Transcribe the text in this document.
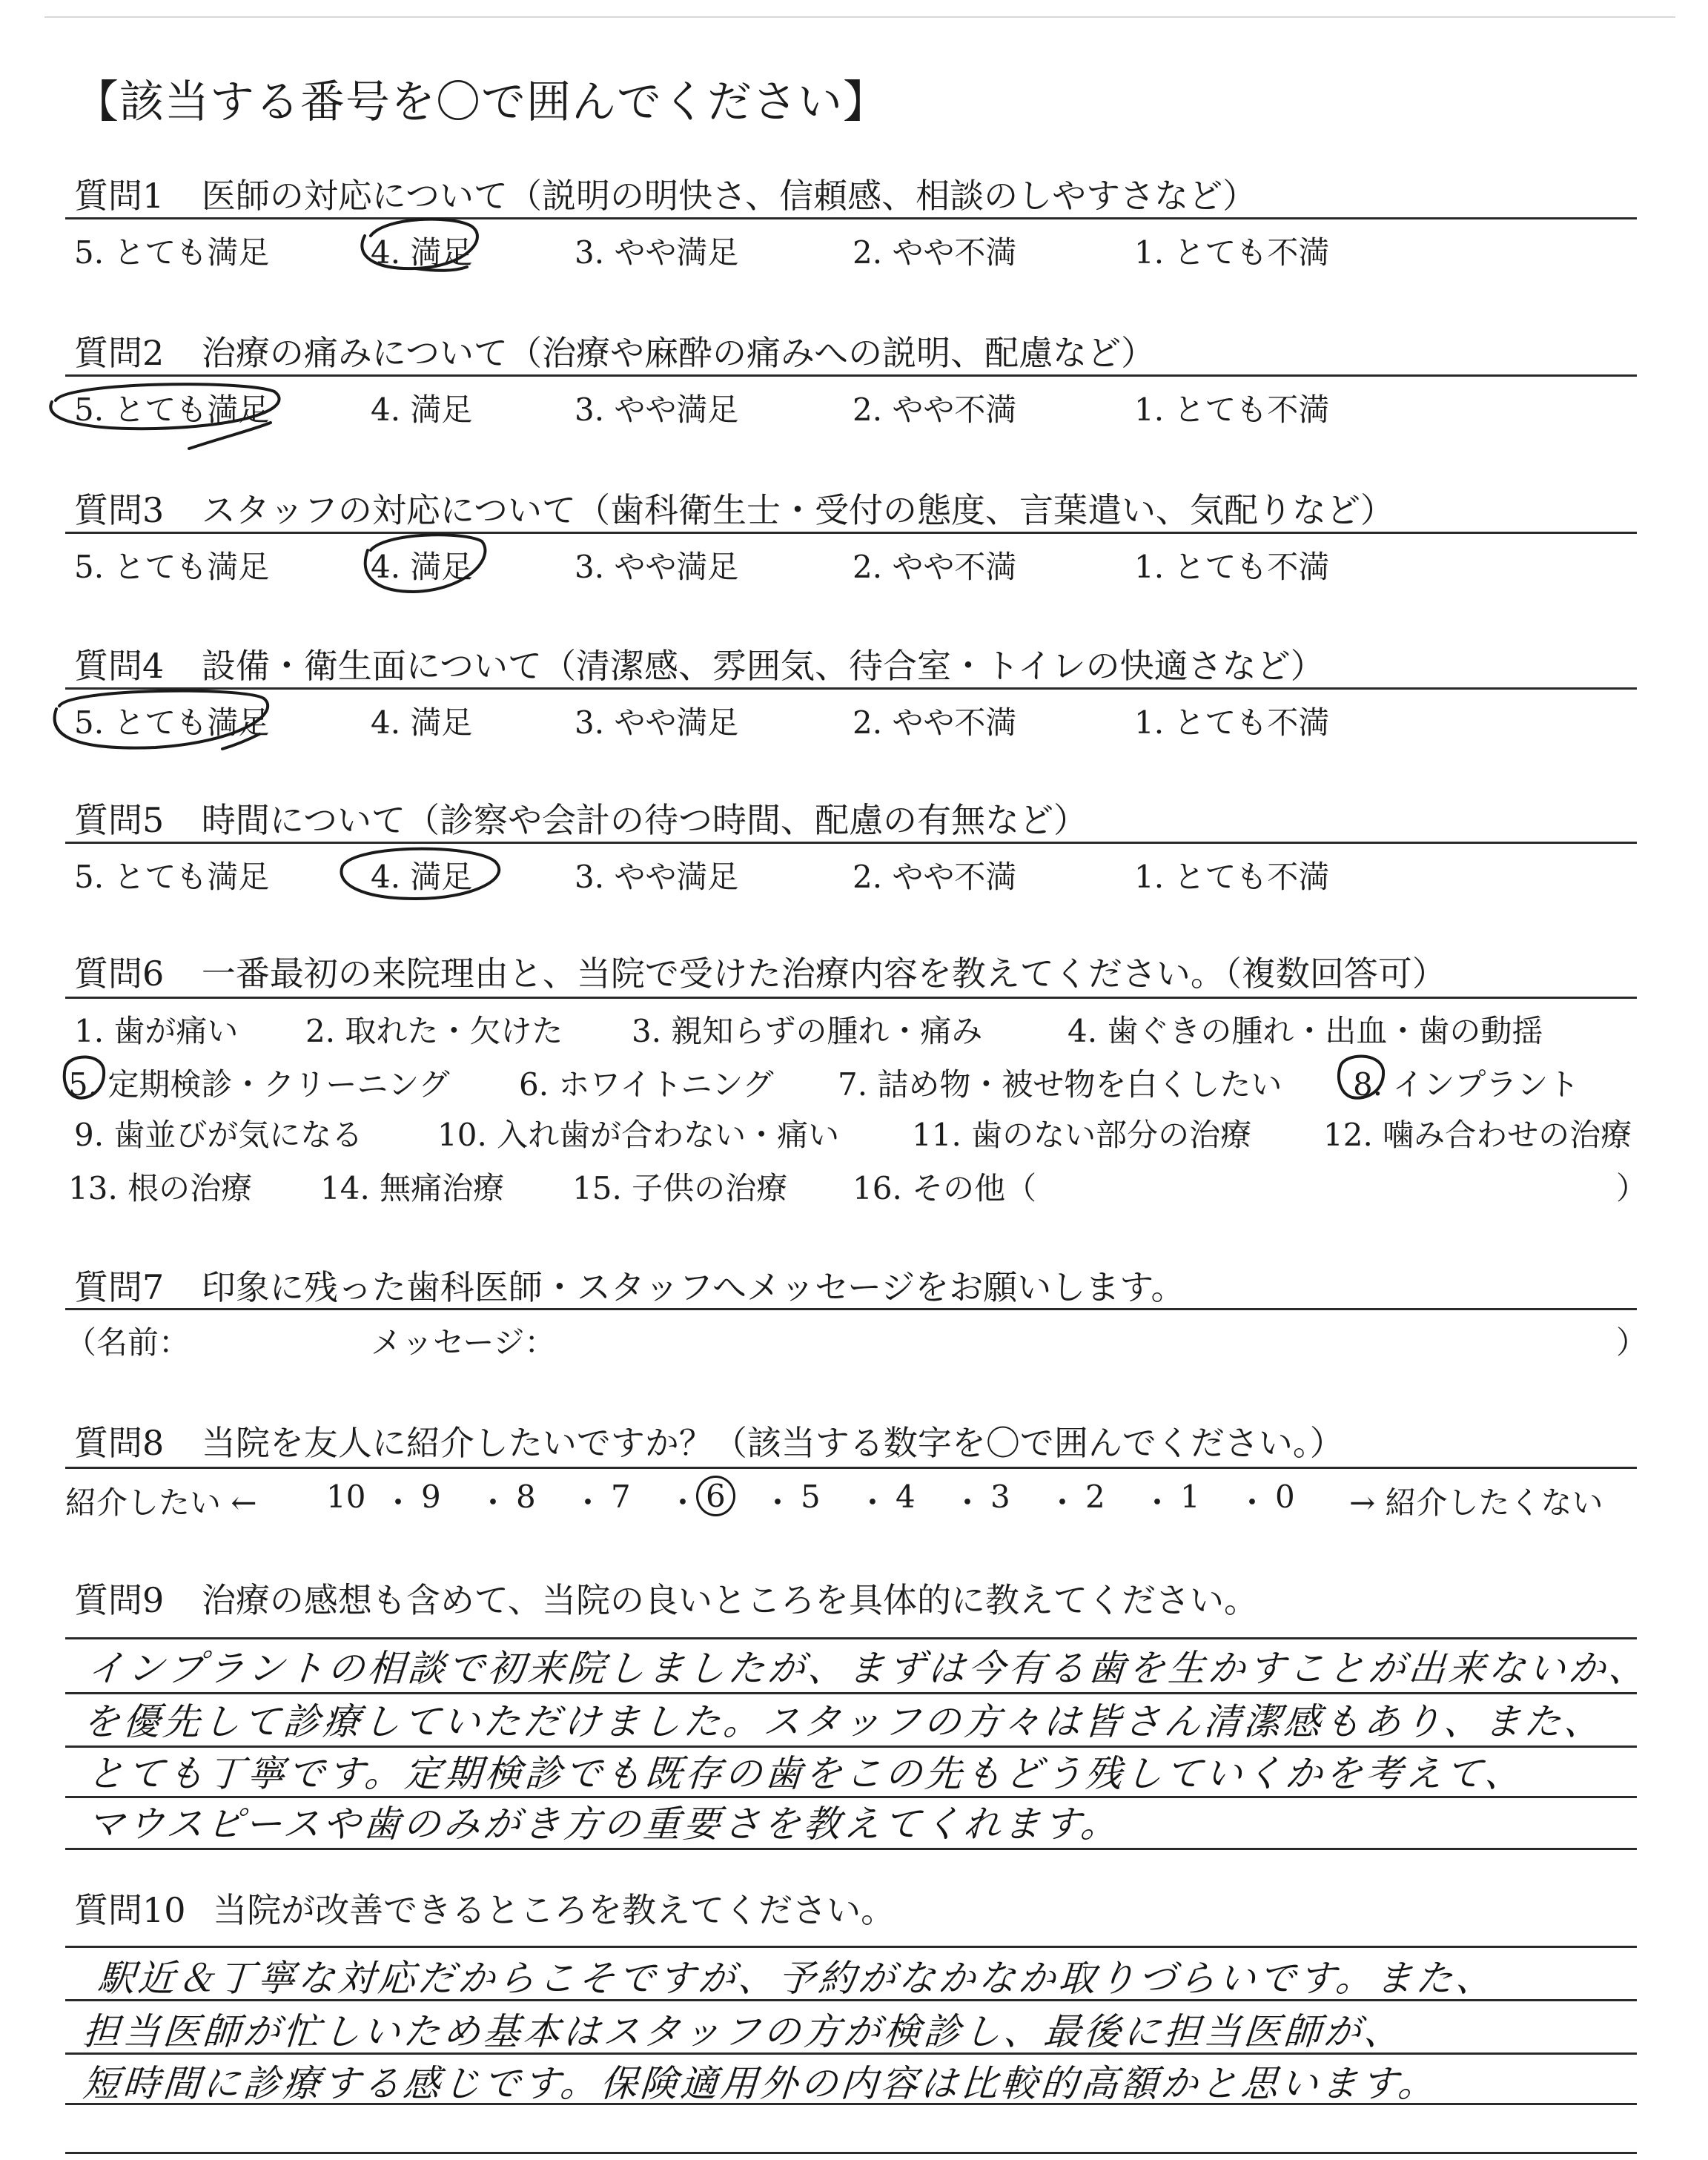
【該当する番号を〇で囲んでください】
質問1 医師の対応について（説明の明快さ、信頼感、相談のしやすさなど）
5. とても満足	4. 満足	3. やや満足	2. やや不満	1. とても不満
質問2 治療の痛みについて（治療や麻酔の痛みへの説明、配慮など）
5. とても満足	4. 満足	3. やや満足	2. やや不満	1. とても不満
質問3 スタッフの対応について（歯科衛生士・受付の態度、言葉遣い、気配りなど）
5. とても満足	4. 満足	3. やや満足	2. やや不満	1. とても不満
質問4 設備・衛生面について（清潔感、雰囲気、待合室・トイレの快適さなど）
5. とても満足	4. 満足	3. やや満足	2. やや不満	1. とても不満
質問5 時間について（診察や会計の待つ時間、配慮の有無など）
5. とても満足	4. 満足	3. やや満足	2. やや不満	1. とても不満
質問6 一番最初の来院理由と、当院で受けた治療内容を教えてください。（複数回答可）
1. 歯が痛い 2. 取れた・欠けた 3. 親知らずの腫れ・痛み	4. 歯ぐきの腫れ・出血・歯の動揺
5. 定期検診・クリーニング 6. ホワイトニング 7. 詰め物・被せ物を白くしたい 8. インプラント
9. 歯並びが気になる 10. 入れ歯が合わない・痛い 11. 歯のない部分の治療 12. 噛み合わせの治療
13. 根の治療 14. 無痛治療 15. 子供の治療 16. その他（	）
質問7 印象に残った歯科医師・スタッフへメッセージをお願いします。
（名前：	メッセージ：	）
質問8 当院を友人に紹介したいですか？（該当する数字を〇で囲んでください。）
紹介したい ← 10 ・ 9 ・ 8 ・ 7 ・ 6	・ 5 ・ 4 ・ 3 ・ 2 ・ 1 ・ 0 → 紹介したくない
質問9 治療の感想も含めて、当院の良いところを具体的に教えてください。
インプラントの相談で初来院しましたが、まずは今有る歯を生かすことが出来ないか、
を優先して診療していただけました。スタッフの方々は皆さん清潔感もあり、また、
とても丁寧です。定期検診でも既存の歯をこの先もどう残していくかを考えて、
マウスピースや歯のみがき方の重要さを教えてくれます。
質問10 当院が改善できるところを教えてください。
駅近＆丁寧な対応だからこそですが、予約がなかなか取りづらいです。また、
担当医師が忙しいため基本はスタッフの方が検診し、最後に担当医師が、
短時間に診療する感じです。保険適用外の内容は比較的高額かと思います。
